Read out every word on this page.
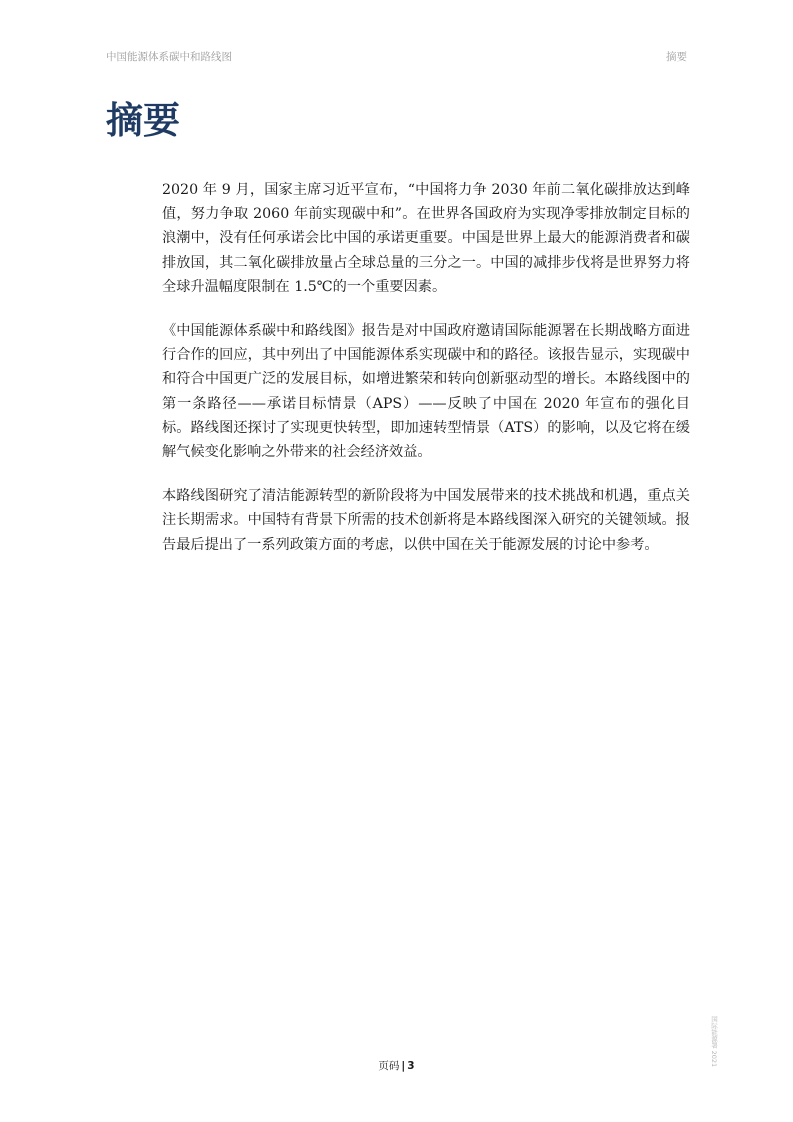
中国能源体系碳中和路线图	摘要
摘要

2020 年 9 月，国家主席习近平宣布，“中国将力争 2030 年前二氧化碳排放达到峰值，努力争取 2060 年前实现碳中和”。在世界各国政府为实现净零排放制定目标的浪潮中，没有任何承诺会比中国的承诺更重要。中国是世界上最大的能源消费者和碳排放国，其二氧化碳排放量占全球总量的三分之一。中国的减排步伐将是世界努力将全球升温幅度限制在 1.5℃的一个重要因素。

《中国能源体系碳中和路线图》报告是对中国政府邀请国际能源署在长期战略方面进行合作的回应，其中列出了中国能源体系实现碳中和的路径。该报告显示，实现碳中和符合中国更广泛的发展目标，如增进繁荣和转向创新驱动型的增长。本路线图中的第一条路径——承诺目标情景（APS）——反映了中国在 2020 年宣布的强化目标。路线图还探讨了实现更快转型，即加速转型情景（ATS）的影响，以及它将在缓解气候变化影响之外带来的社会经济效益。

本路线图研究了清洁能源转型的新阶段将为中国发展带来的技术挑战和机遇，重点关注长期需求。中国特有背景下所需的技术创新将是本路线图深入研究的关键领域。报告最后提出了一系列政策方面的考虑，以供中国在关于能源发展的讨论中参考。

页码 | 3	国际能源署 2021
